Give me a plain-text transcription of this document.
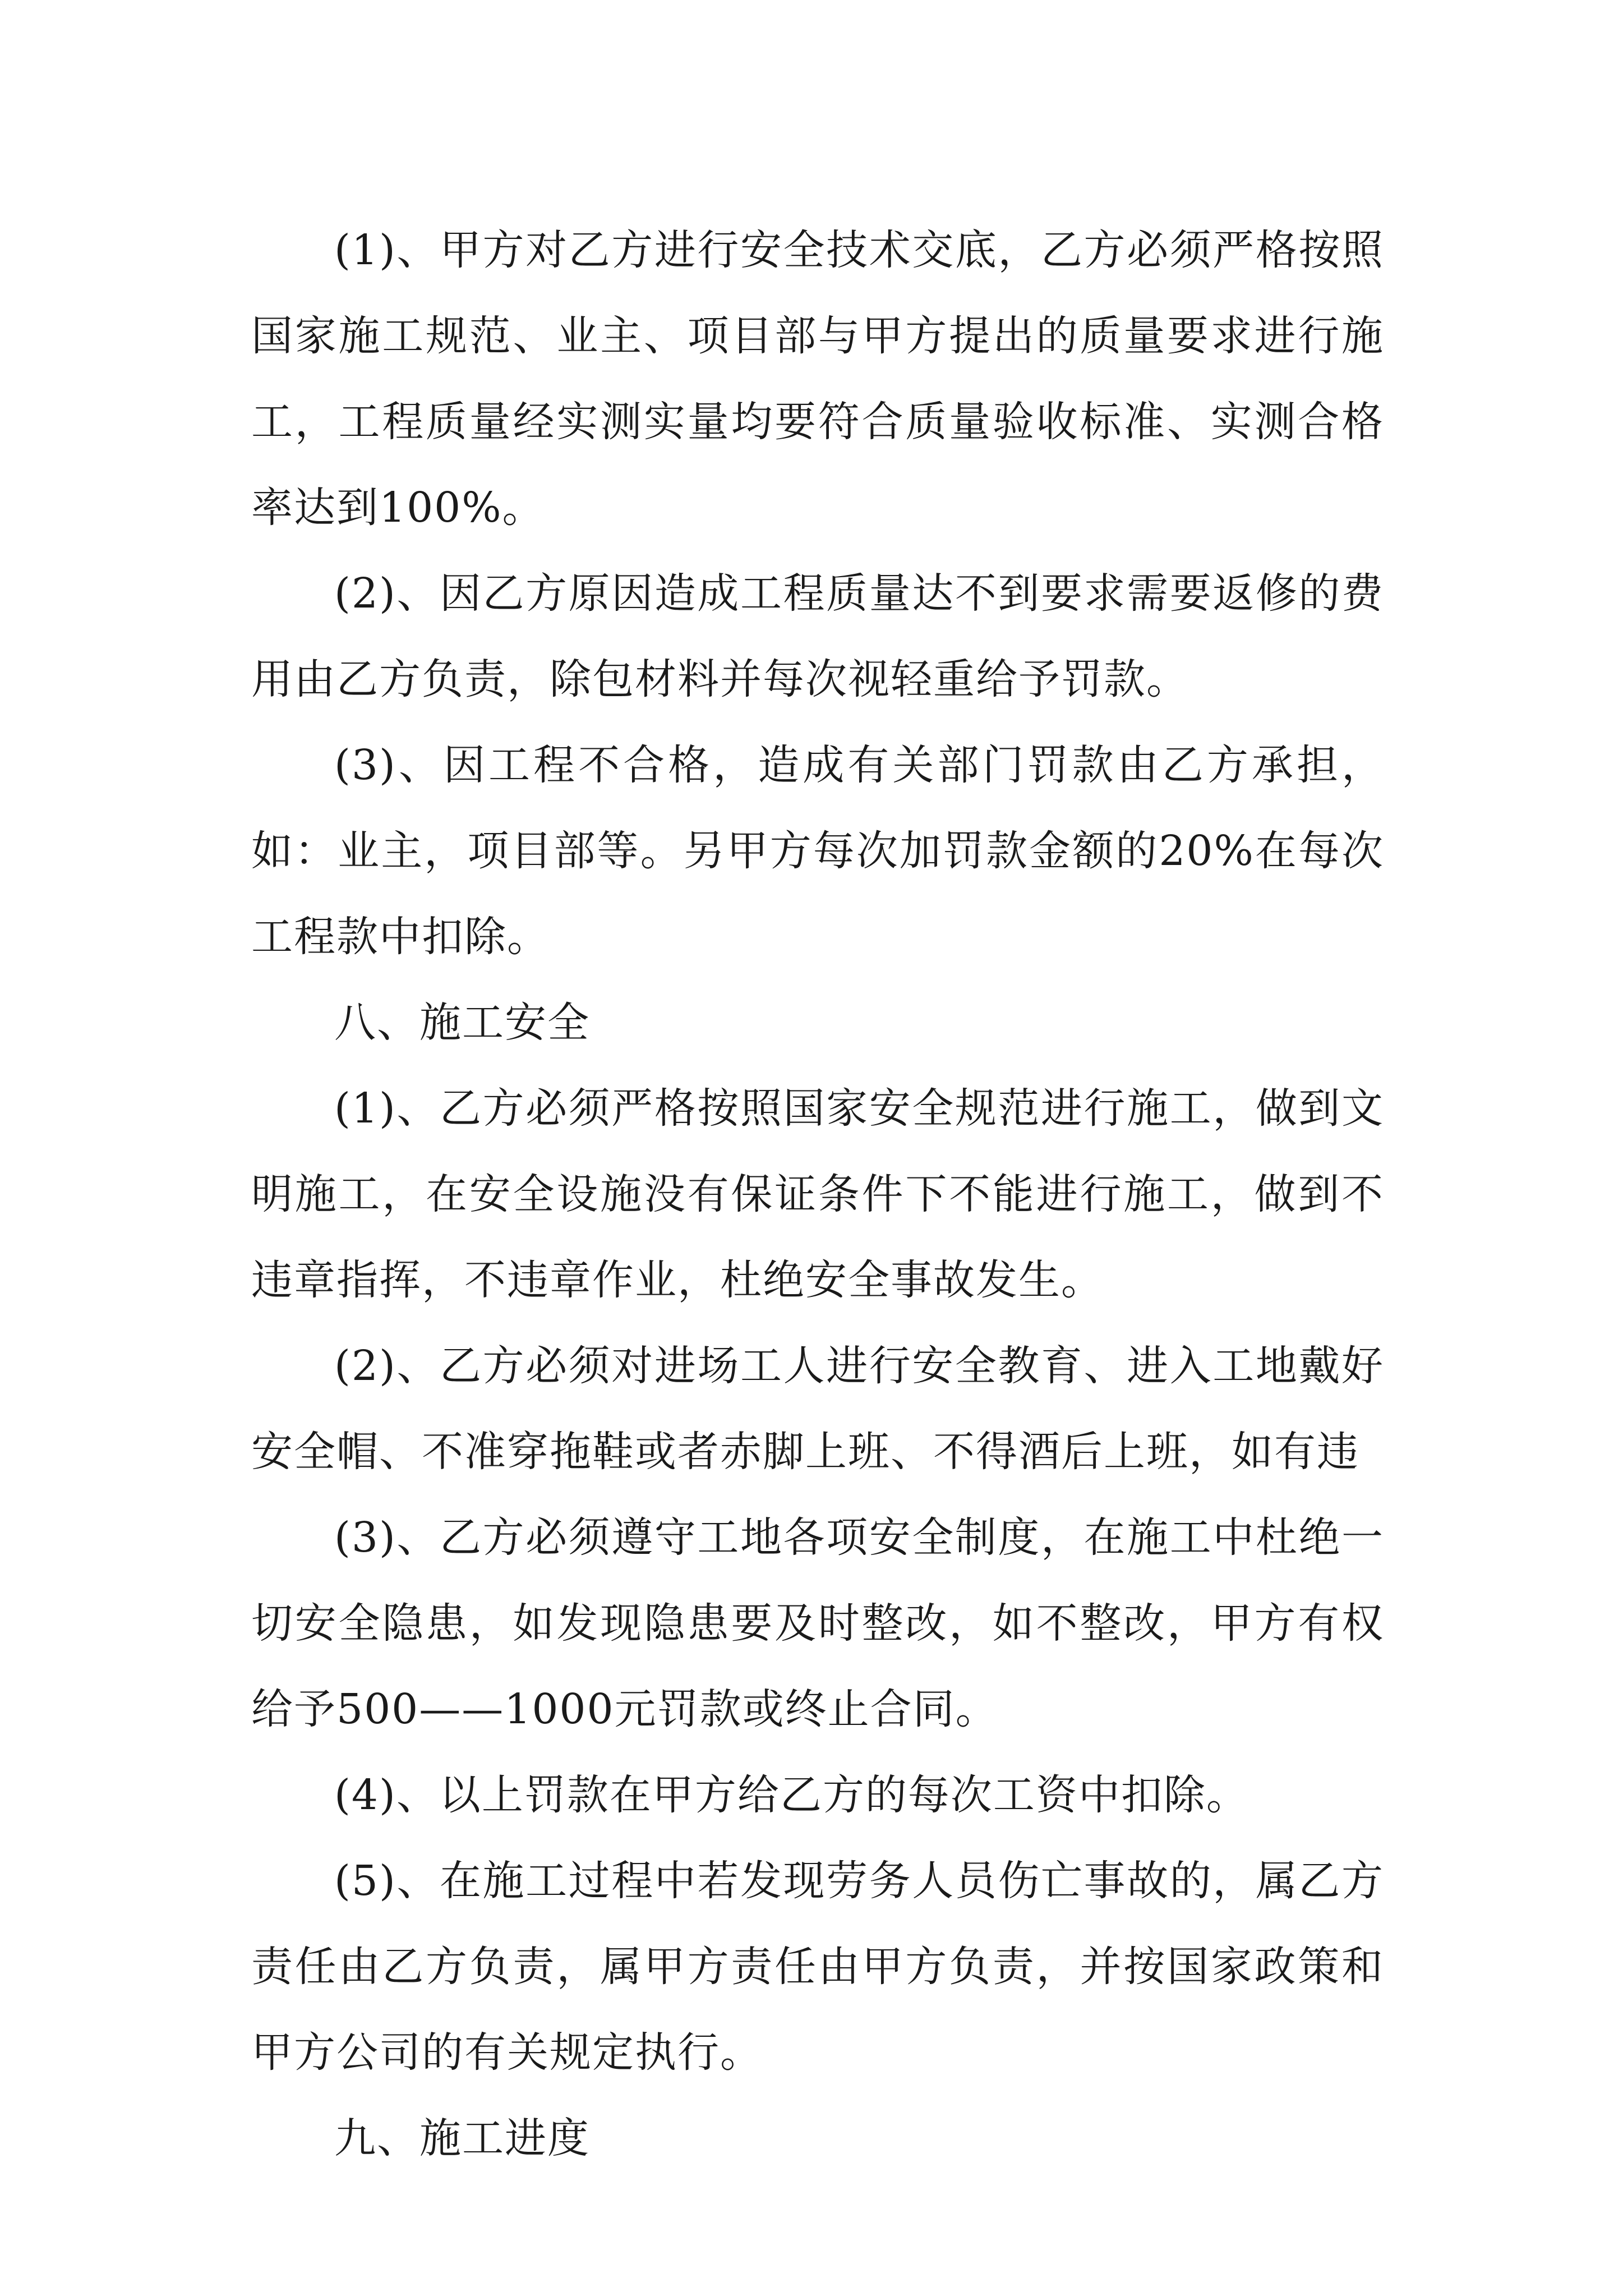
(1)、甲方对乙方进行安全技术交底，乙方必须严格按照国家施工规范、业主、项目部与甲方提出的质量要求进行施工，工程质量经实测实量均要符合质量验收标准、实测合格率达到100%。

(2)、因乙方原因造成工程质量达不到要求需要返修的费用由乙方负责，除包材料并每次视轻重给予罚款。

(3)、因工程不合格，造成有关部门罚款由乙方承担，如：业主，项目部等。另甲方每次加罚款金额的20%在每次工程款中扣除。

八、施工安全

(1)、乙方必须严格按照国家安全规范进行施工，做到文明施工，在安全设施没有保证条件下不能进行施工，做到不违章指挥，不违章作业，杜绝安全事故发生。

(2)、乙方必须对进场工人进行安全教育、进入工地戴好安全帽、不准穿拖鞋或者赤脚上班、不得酒后上班，如有违

(3)、乙方必须遵守工地各项安全制度，在施工中杜绝一切安全隐患，如发现隐患要及时整改，如不整改，甲方有权给予500——1000元罚款或终止合同。

(4)、以上罚款在甲方给乙方的每次工资中扣除。

(5)、在施工过程中若发现劳务人员伤亡事故的，属乙方责任由乙方负责，属甲方责任由甲方负责，并按国家政策和甲方公司的有关规定执行。

九、施工进度
